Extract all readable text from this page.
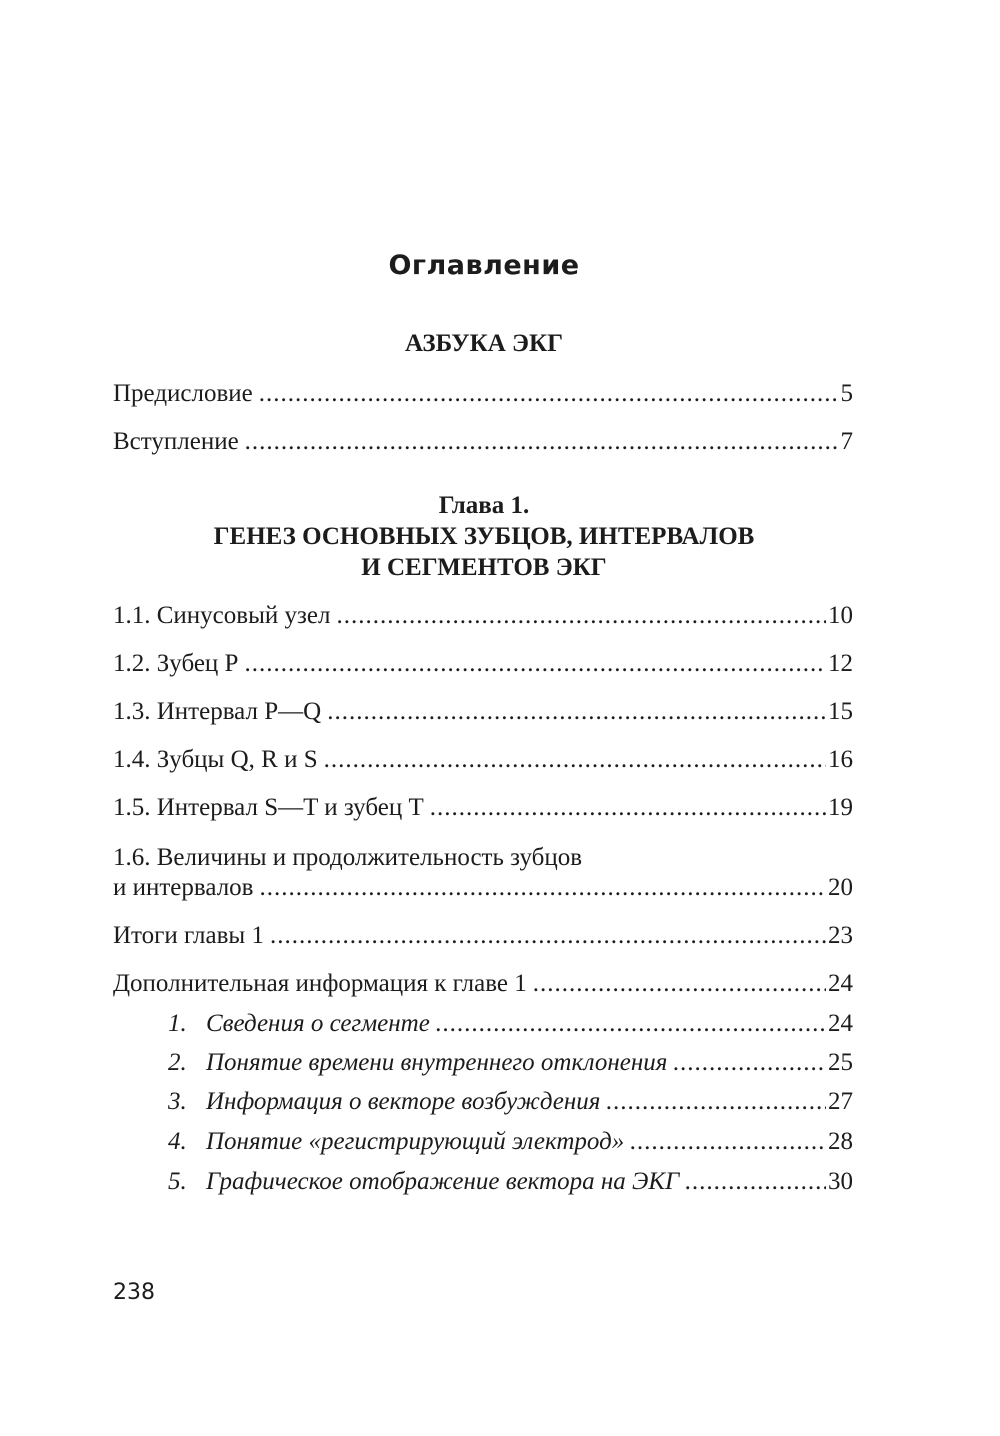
Оглавление
АЗБУКА ЭКГ
Предисловие .....	5
Вступление .....	7
Глава 1.
ГЕНЕЗ ОСНОВНЫХ ЗУБЦОВ, ИНТЕРВАЛОВ
И СЕГМЕНТОВ ЭКГ
1.1. Синусовый узел .....	10
1.2. Зубец P .....	12
1.3. Интервал P—Q .....	15
1.4. Зубцы Q, R и S .....	16
1.5. Интервал S—T и зубец T .....	19
1.6. Величины и продолжительность зубцов
и интервалов .....	20
Итоги главы 1 .....	23
Дополнительная информация к главе 1 .....	24
1. Сведения о сегменте .....	24
2. Понятие времени внутреннего отклонения .....	25
3. Информация о векторе возбуждения .....	27
4. Понятие «регистрирующий электрод» .....	28
5. Графическое отображение вектора на ЭКГ .....	30
238
